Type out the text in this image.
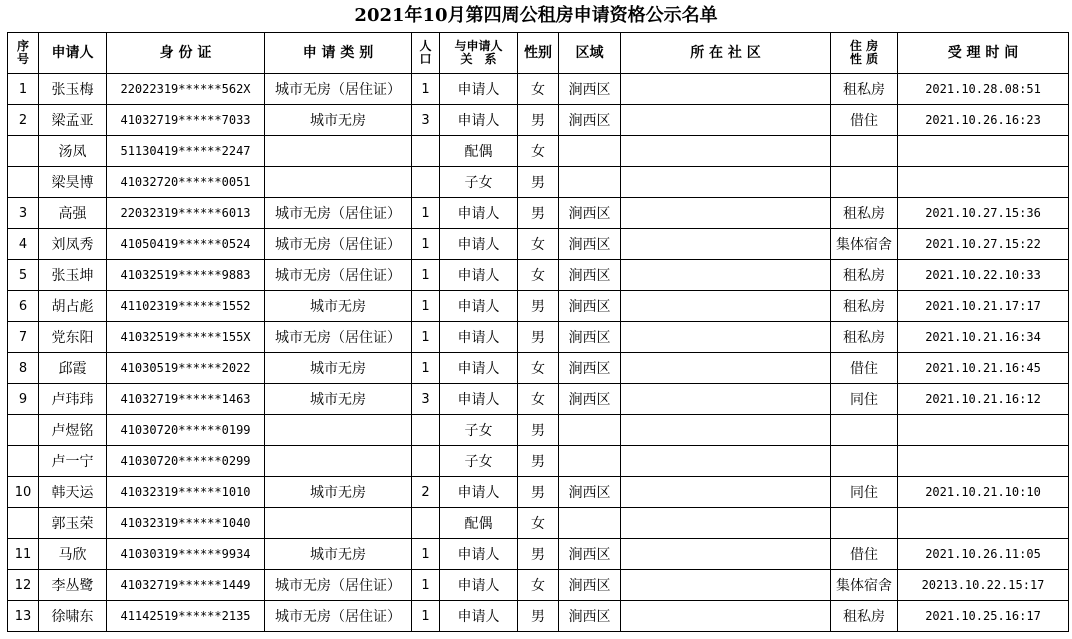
2021年10月第四周公租房申请资格公示名单
序号	申请人	身 份 证	申 请 类 别	人口	与申请人
关　系	性别	区域	所 在 社 区	住 房 性 质	受 理 时 间
1	张玉梅	22022319******562X	城市无房（居住证）	1	申请人	女	涧西区		租私房	2021.10.28.08:51
2	梁孟亚	41032719******7033	城市无房	3	申请人	男	涧西区		借住	2021.10.26.16:23
	汤凤	51130419******2247			配偶	女				
	梁昊博	41032720******0051			子女	男				
3	高强	22032319******6013	城市无房（居住证）	1	申请人	男	涧西区		租私房	2021.10.27.15:36
4	刘凤秀	41050419******0524	城市无房（居住证）	1	申请人	女	涧西区		集体宿舍	2021.10.27.15:22
5	张玉坤	41032519******9883	城市无房（居住证）	1	申请人	女	涧西区		租私房	2021.10.22.10:33
6	胡占彪	41102319******1552	城市无房	1	申请人	男	涧西区		租私房	2021.10.21.17:17
7	党东阳	41032519******155X	城市无房（居住证）	1	申请人	男	涧西区		租私房	2021.10.21.16:34
8	邱霞	41030519******2022	城市无房	1	申请人	女	涧西区		借住	2021.10.21.16:45
9	卢玮玮	41032719******1463	城市无房	3	申请人	女	涧西区		同住	2021.10.21.16:12
	卢煜铭	41030720******0199			子女	男				
	卢一宁	41030720******0299			子女	男				
10	韩天运	41032319******1010	城市无房	2	申请人	男	涧西区		同住	2021.10.21.10:10
	郭玉荣	41032319******1040			配偶	女				
11	马欣	41030319******9934	城市无房	1	申请人	男	涧西区		借住	2021.10.26.11:05
12	李丛鹭	41032719******1449	城市无房（居住证）	1	申请人	女	涧西区		集体宿舍	20213.10.22.15:17
13	徐啸东	41142519******2135	城市无房（居住证）	1	申请人	男	涧西区		租私房	2021.10.25.16:17
